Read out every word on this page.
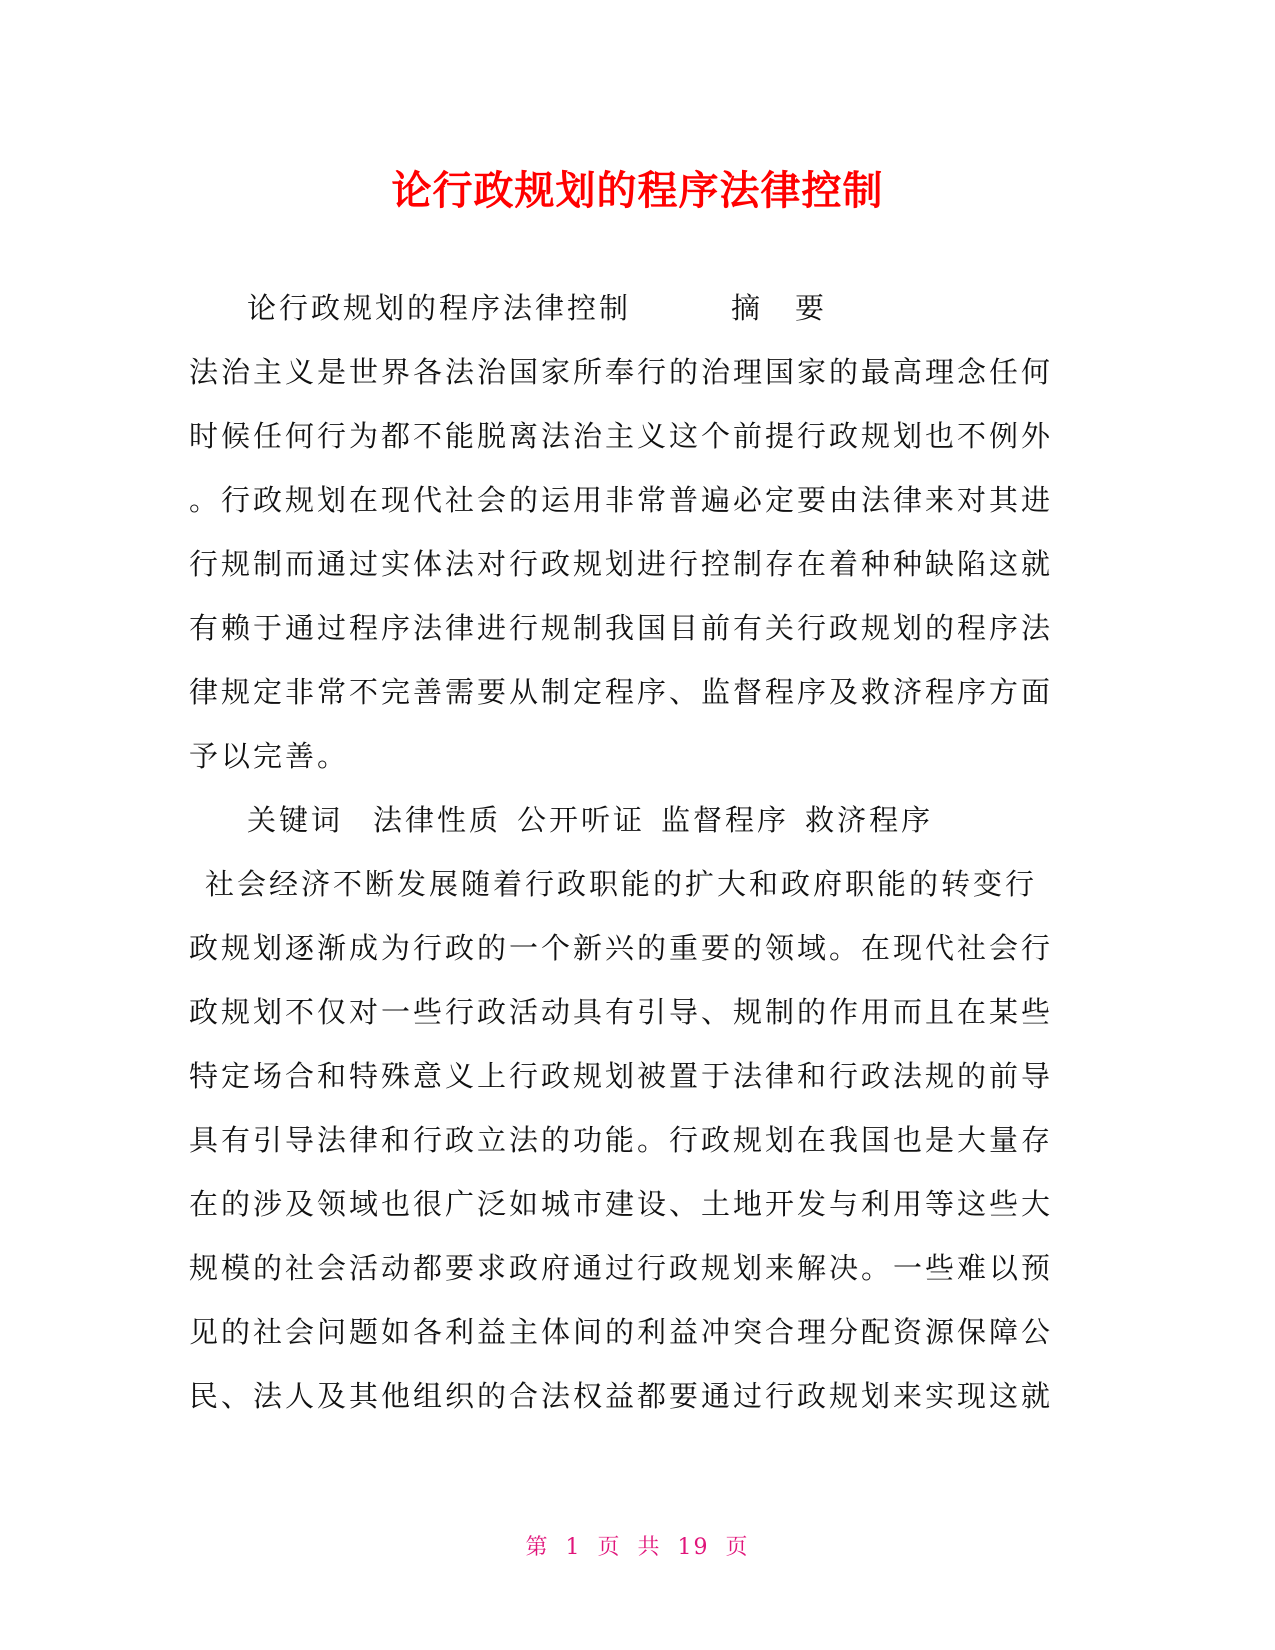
论行政规划的程序法律控制
论行政规划的程序法律控制	摘　要
法治主义是世界各法治国家所奉行的治理国家的最高理念任何
时候任何行为都不能脱离法治主义这个前提行政规划也不例外
。行政规划在现代社会的运用非常普遍必定要由法律来对其进
行规制而通过实体法对行政规划进行控制存在着种种缺陷这就
有赖于通过程序法律进行规制我国目前有关行政规划的程序法
律规定非常不完善需要从制定程序、监督程序及救济程序方面
予以完善。
关键词 法律性质 公开听证 监督程序 救济程序
社会经济不断发展随着行政职能的扩大和政府职能的转变行
政规划逐渐成为行政的一个新兴的重要的领域。在现代社会行
政规划不仅对一些行政活动具有引导、规制的作用而且在某些
特定场合和特殊意义上行政规划被置于法律和行政法规的前导
具有引导法律和行政立法的功能。行政规划在我国也是大量存
在的涉及领域也很广泛如城市建设、土地开发与利用等这些大
规模的社会活动都要求政府通过行政规划来解决。一些难以预
见的社会问题如各利益主体间的利益冲突合理分配资源保障公
民、法人及其他组织的合法权益都要通过行政规划来实现这就
第 1 页 共 19 页
